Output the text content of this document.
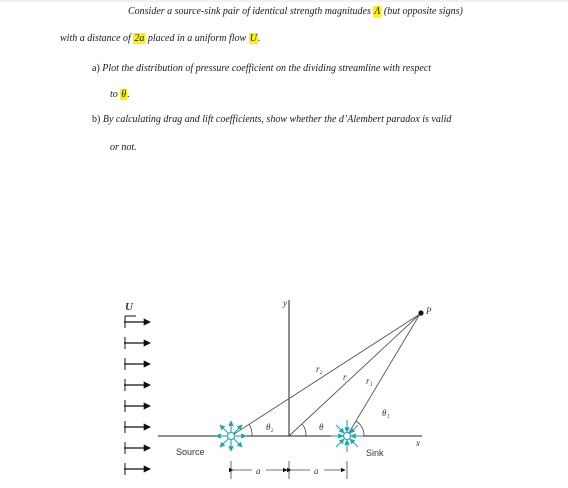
Consider a source-sink pair of identical strength magnitudes Λ (but opposite signs)
with a distance of 2a placed in a uniform flow U.
a) Plot the distribution of pressure coefficient on the dividing streamline with respect
to θ.
b) By calculating drag and lift coefficients, show whether the d’Alembert paradox is valid
or not.
U
x
y
P
r₂
r r₁
θ₂	θ
θ₁
Source	Sink
a	a
